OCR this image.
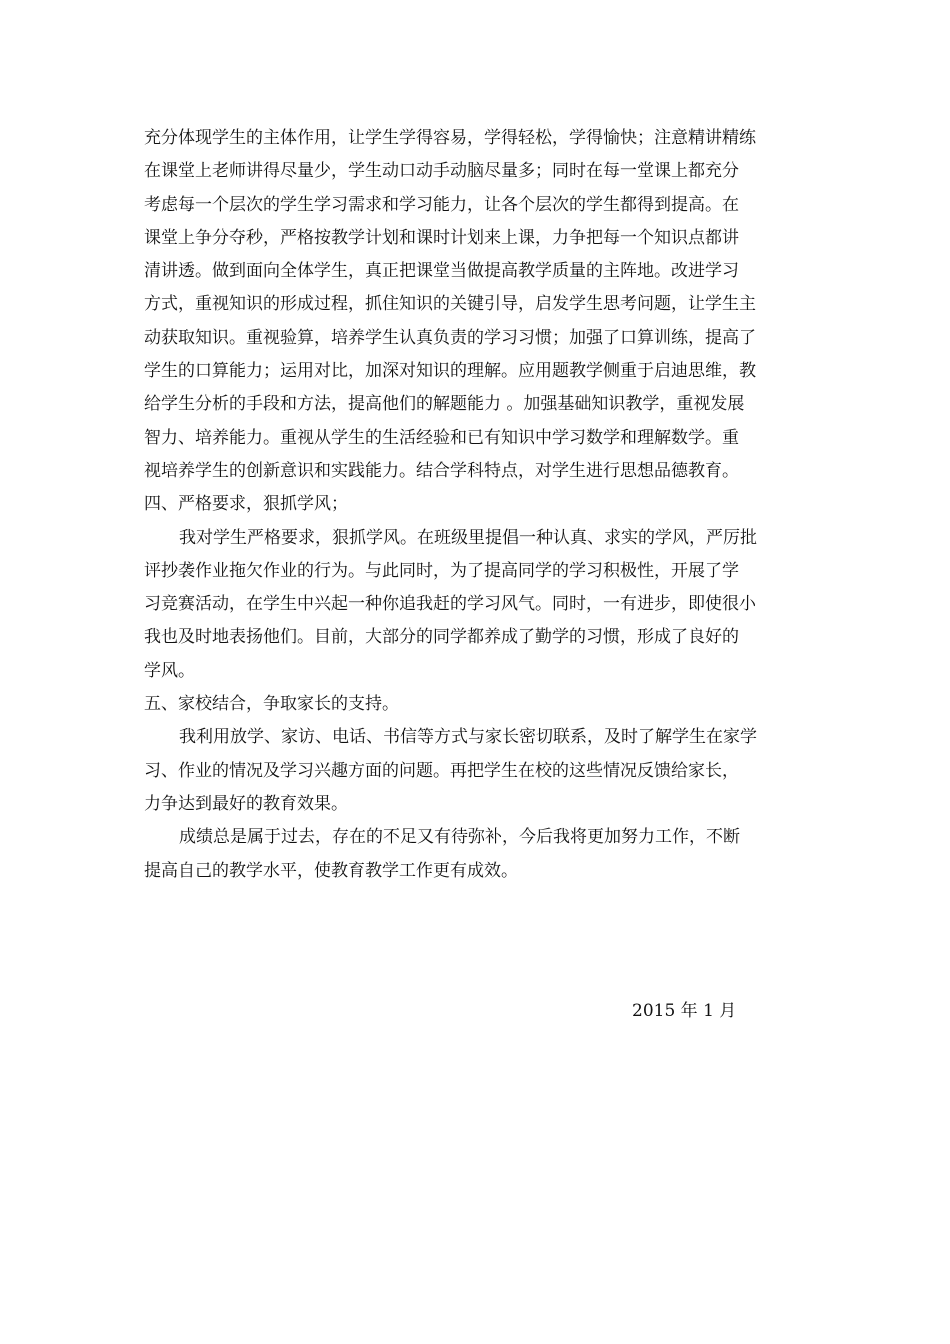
充分体现学生的主体作用，让学生学得容易，学得轻松，学得愉快；注意精讲精练
在课堂上老师讲得尽量少，学生动口动手动脑尽量多；同时在每一堂课上都充分
考虑每一个层次的学生学习需求和学习能力，让各个层次的学生都得到提高。在
课堂上争分夺秒，严格按教学计划和课时计划来上课，力争把每一个知识点都讲
清讲透。做到面向全体学生，真正把课堂当做提高教学质量的主阵地。改进学习
方式，重视知识的形成过程，抓住知识的关键引导，启发学生思考问题，让学生主
动获取知识。重视验算，培养学生认真负责的学习习惯；加强了口算训练，提高了
学生的口算能力；运用对比，加深对知识的理解。应用题教学侧重于启迪思维，教
给学生分析的手段和方法，提高他们的解题能力 。加强基础知识教学，重视发展
智力、培养能力。重视从学生的生活经验和已有知识中学习数学和理解数学。重
视培养学生的创新意识和实践能力。结合学科特点，对学生进行思想品德教育。
四、严格要求，狠抓学风；
我对学生严格要求，狠抓学风。在班级里提倡一种认真、求实的学风，严厉批
评抄袭作业拖欠作业的行为。与此同时，为了提高同学的学习积极性，开展了学
习竞赛活动，在学生中兴起一种你追我赶的学习风气。同时，一有进步，即使很小
我也及时地表扬他们。目前，大部分的同学都养成了勤学的习惯，形成了良好的
学风。
五、家校结合，争取家长的支持。
我利用放学、家访、电话、书信等方式与家长密切联系，及时了解学生在家学
习、作业的情况及学习兴趣方面的问题。再把学生在校的这些情况反馈给家长，
力争达到最好的教育效果。
成绩总是属于过去，存在的不足又有待弥补，今后我将更加努力工作，不断
提高自己的教学水平，使教育教学工作更有成效。
2015 年 1 月
